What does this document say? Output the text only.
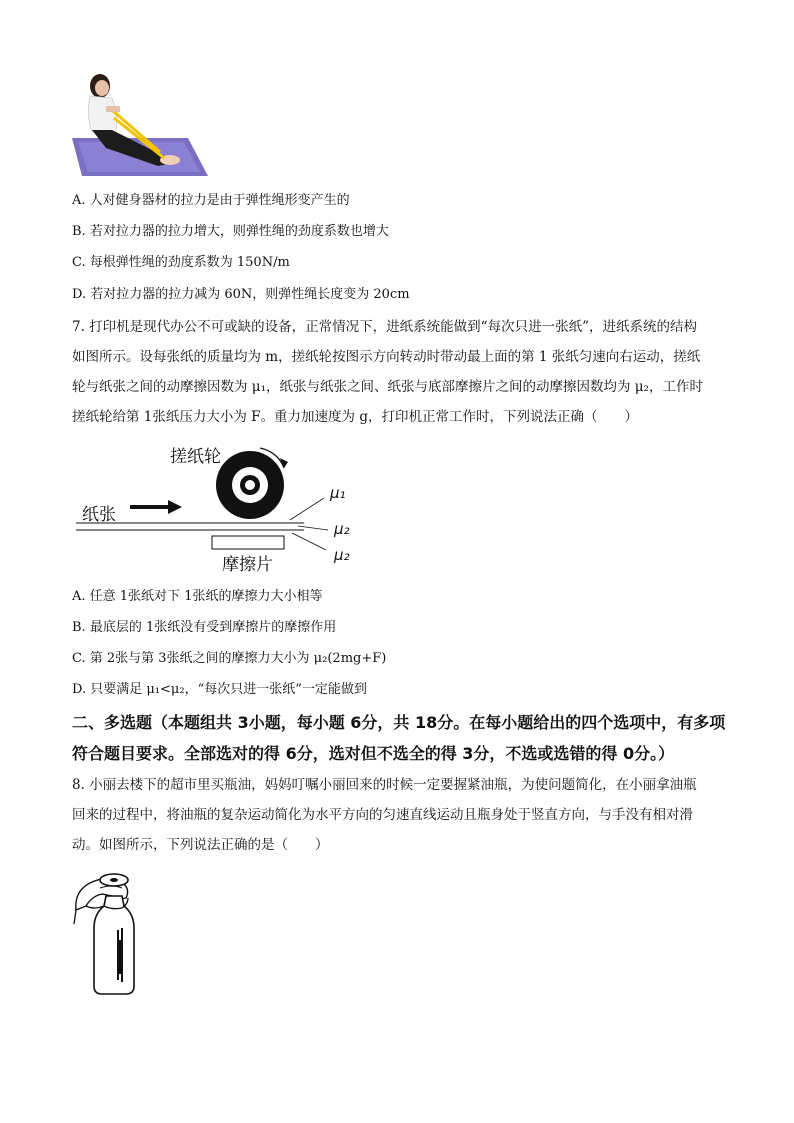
A. 人对健身器材的拉力是由于弹性绳形变产生的
B. 若对拉力器的拉力增大，则弹性绳的劲度系数也增大
C. 每根弹性绳的劲度系数为 150N/m
D. 若对拉力器的拉力减为 60N，则弹性绳长度变为 20cm
7. 打印机是现代办公不可或缺的设备，正常情况下，进纸系统能做到“每次只进一张纸”，进纸系统的结构
如图所示。设每张纸的质量均为 m，搓纸轮按图示方向转动时带动最上面的第 1 张纸匀速向右运动，搓纸
轮与纸张之间的动摩擦因数为 μ₁，纸张与纸张之间、纸张与底部摩擦片之间的动摩擦因数均为 μ₂，工作时
搓纸轮给第 1张纸压力大小为 F。重力加速度为 g，打印机正常工作时，下列说法正确（　　）
搓纸轮
纸张
摩擦片
μ₁
μ₂
μ₂
A. 任意 1张纸对下 1张纸的摩擦力大小相等
B. 最底层的 1张纸没有受到摩擦片的摩擦作用
C. 第 2张与第 3张纸之间的摩擦力大小为 μ₂(2mg+F)
D. 只要满足 μ₁<μ₂，“每次只进一张纸”一定能做到
二、多选题（本题组共 3小题，每小题 6分，共 18分。在每小题给出的四个选项中，有多项
符合题目要求。全部选对的得 6分，选对但不选全的得 3分，不选或选错的得 0分。）
8. 小丽去楼下的超市里买瓶油，妈妈叮嘱小丽回来的时候一定要握紧油瓶，为使问题简化，在小丽拿油瓶
回来的过程中，将油瓶的复杂运动简化为水平方向的匀速直线运动且瓶身处于竖直方向，与手没有相对滑
动。如图所示，下列说法正确的是（　　）
